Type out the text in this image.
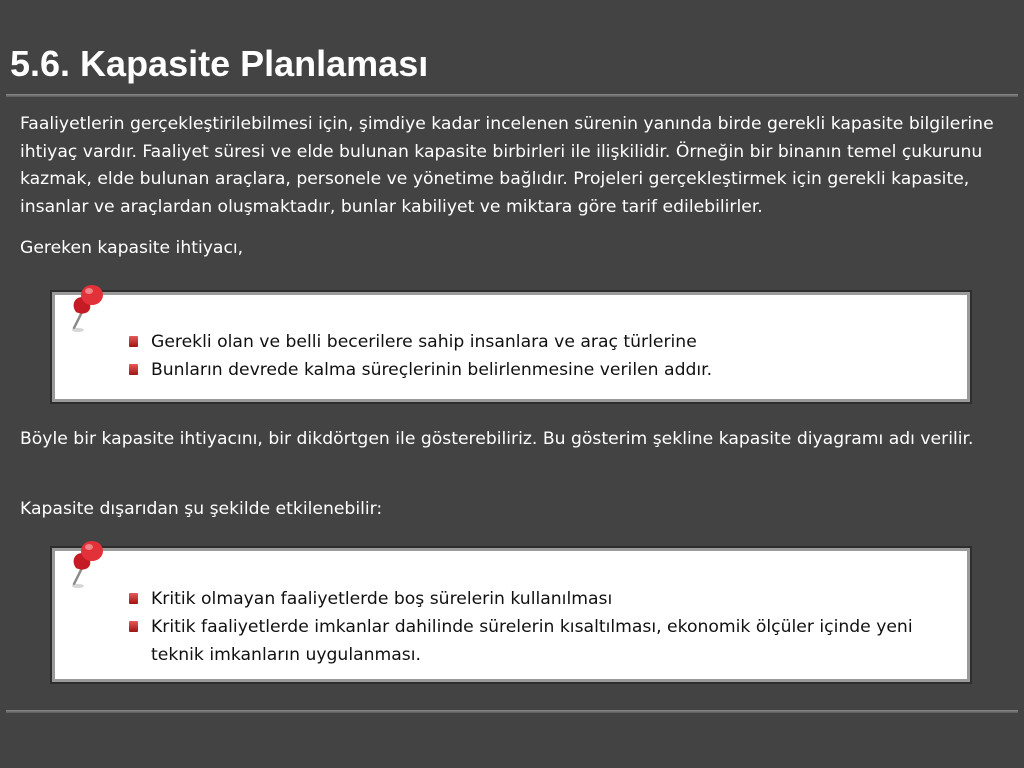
5.6. Kapasite Planlaması

Faaliyetlerin gerçekleştirilebilmesi için, şimdiye kadar incelenen sürenin yanında birde gerekli kapasite bilgilerine ihtiyaç vardır. Faaliyet süresi ve elde bulunan kapasite birbirleri ile ilişkilidir. Örneğin bir binanın temel çukurunu kazmak, elde bulunan araçlara, personele ve yönetime bağlıdır. Projeleri gerçekleştirmek için gerekli kapasite, insanlar ve araçlardan oluşmaktadır, bunlar kabiliyet ve miktara göre tarif edilebilirler.

Gereken kapasite ihtiyacı,

Gerekli olan ve belli becerilere sahip insanlara ve araç türlerine
Bunların devrede kalma süreçlerinin belirlenmesine verilen addır.

Böyle bir kapasite ihtiyacını, bir dikdörtgen ile gösterebiliriz. Bu gösterim şekline kapasite diyagramı adı verilir.

Kapasite dışarıdan şu şekilde etkilenebilir:

Kritik olmayan faaliyetlerde boş sürelerin kullanılması
Kritik faaliyetlerde imkanlar dahilinde sürelerin kısaltılması, ekonomik ölçüler içinde yeni teknik imkanların uygulanması.
